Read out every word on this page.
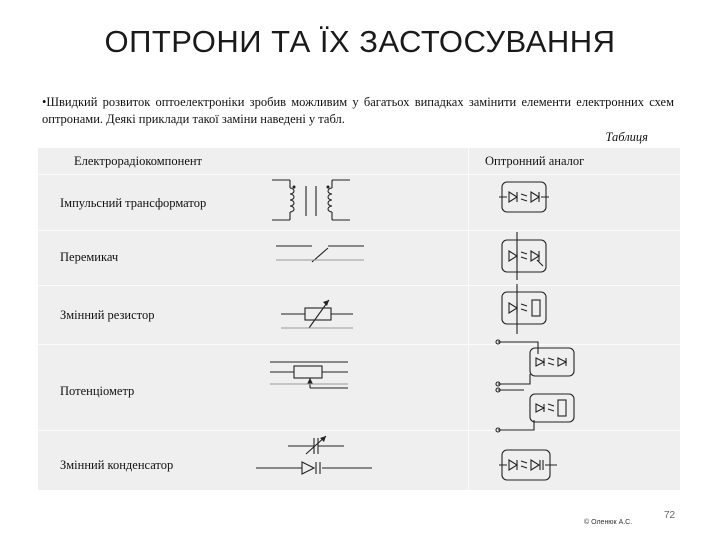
ОПТРОНИ ТА ЇХ ЗАСТОСУВАННЯ
•Швидкий розвиток оптоелектроніки зробив можливим у багатьох випадках замінити елементи електронних схем оптронами. Деякі приклади такої заміни наведені у табл.
Таблиця
Електрорадіокомпонент	Оптронний аналог
Імпульсний трансформатор
Перемикач
Змінний резистор
Потенціометр
Змінний конденсатор
72
© Оленюк А.С.
